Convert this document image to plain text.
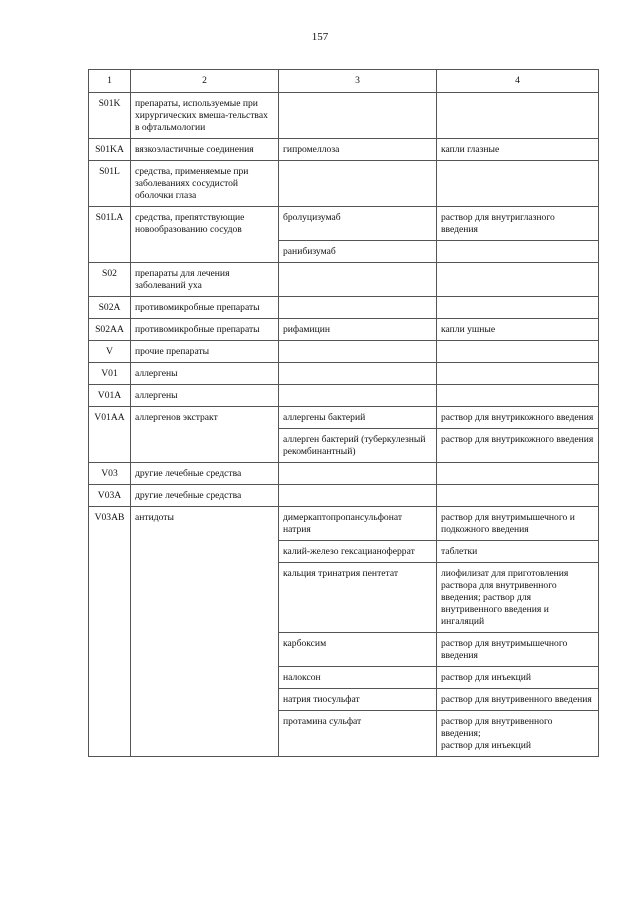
157
1	2	3	4
S01K	препараты, используемые при хирургических вмеша-тельствах в офтальмологии		
S01KA	вязкоэластичные соединения	гипромеллоза	капли глазные
S01L	средства, применяемые при заболеваниях сосудистой оболочки глаза		
S01LA	средства, препятствующие новообразованию сосудов	бролуцизумаб	раствор для внутриглазного введения
		ранибизумаб	
S02	препараты для лечения заболеваний уха		
S02A	противомикробные препараты		
S02AA	противомикробные препараты	рифамицин	капли ушные
V	прочие препараты		
V01	аллергены		
V01A	аллергены		
V01AA	аллергенов экстракт	аллергены бактерий	раствор для внутрикожного введения
		аллерген бактерий (туберкулезный рекомбинантный)	раствор для внутрикожного введения
V03	другие лечебные средства		
V03A	другие лечебные средства		
V03AB	антидоты	димеркаптопропансульфонат натрия	раствор для внутримышечного и подкожного введения
		калий-железо гексацианоферрат	таблетки
		кальция тринатрия пентетат	лиофилизат для приготовления раствора для внутривенного введения; раствор для внутривенного введения и ингаляций
		карбоксим	раствор для внутримышечного введения
		налоксон	раствор для инъекций
		натрия тиосульфат	раствор для внутривенного введения
		протамина сульфат	раствор для внутривенного введения;
раствор для инъекций
